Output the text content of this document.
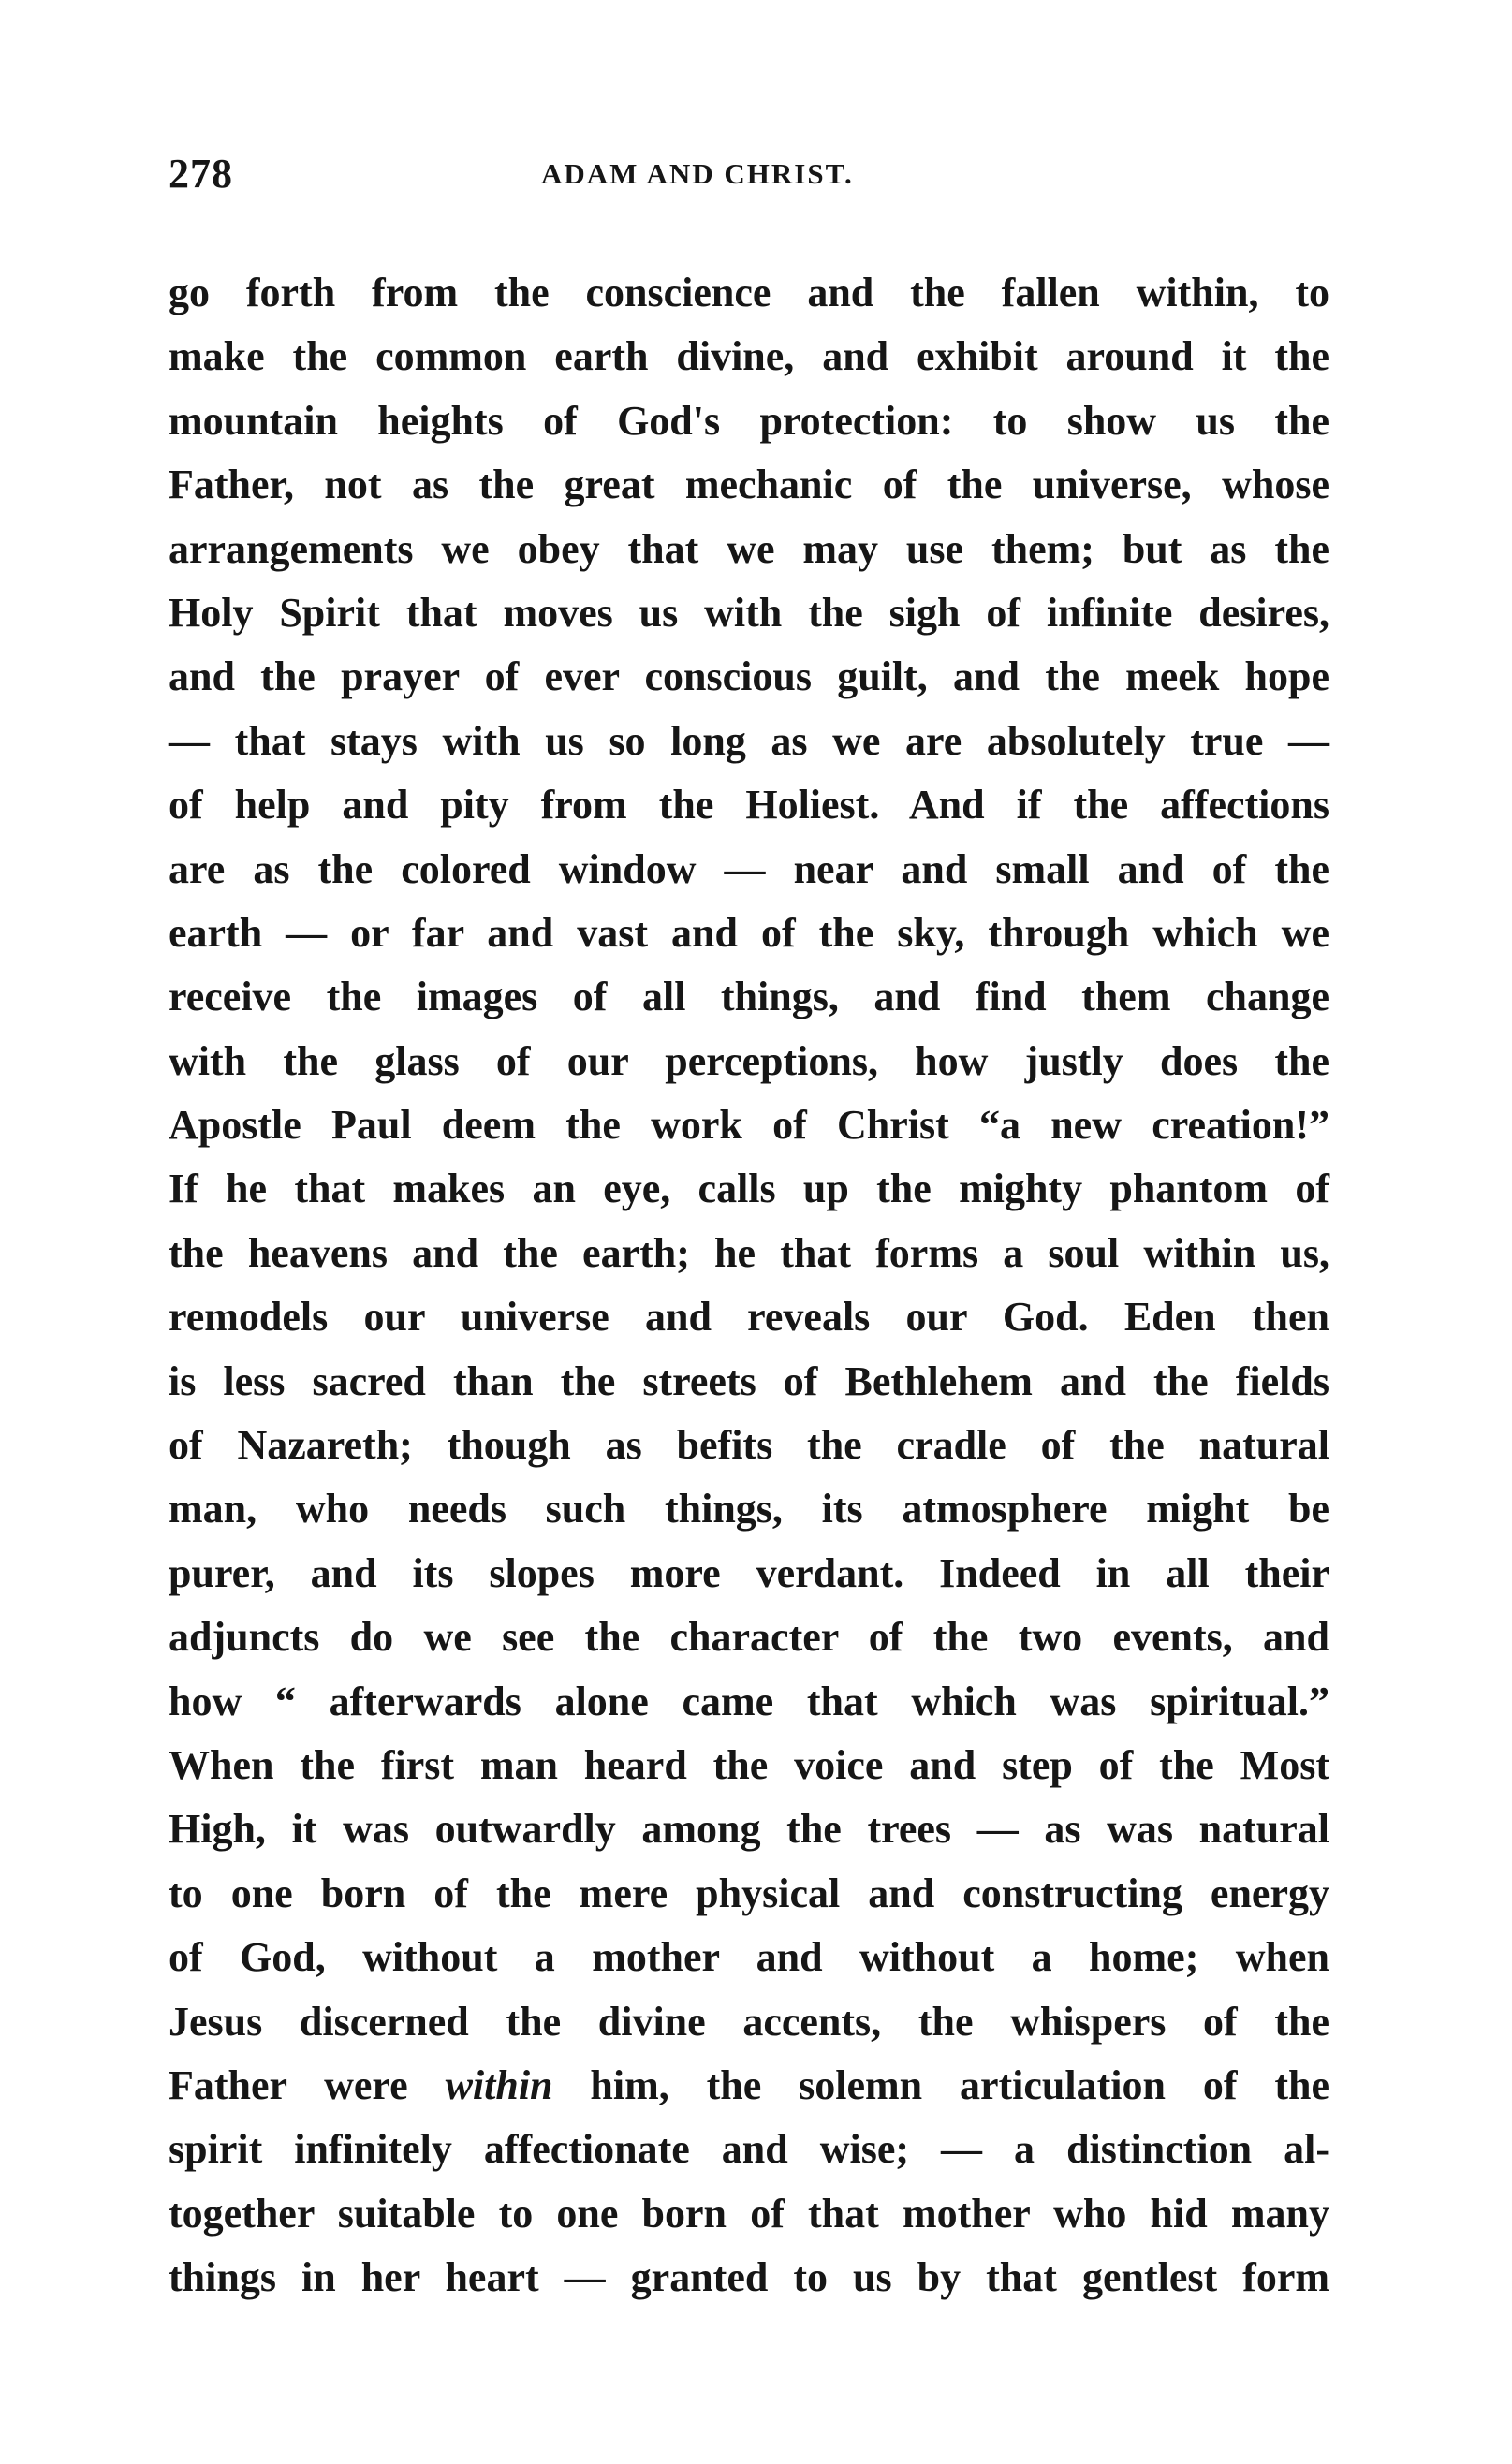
278	ADAM AND CHRIST.
go forth from the conscience and the fallen within, to
make the common earth divine, and exhibit around it the
mountain heights of God's protection: to show us the
Father, not as the great mechanic of the universe, whose
arrangements we obey that we may use them; but as the
Holy Spirit that moves us with the sigh of infinite desires,
and the prayer of ever conscious guilt, and the meek hope
— that stays with us so long as we are absolutely true —
of help and pity from the Holiest. And if the affections
are as the colored window — near and small and of the
earth — or far and vast and of the sky, through which we
receive the images of all things, and find them change
with the glass of our perceptions, how justly does the
Apostle Paul deem the work of Christ “a new creation!”
If he that makes an eye, calls up the mighty phantom of
the heavens and the earth; he that forms a soul within us,
remodels our universe and reveals our God. Eden then
is less sacred than the streets of Bethlehem and the fields
of Nazareth; though as befits the cradle of the natural
man, who needs such things, its atmosphere might be
purer, and its slopes more verdant. Indeed in all their
adjuncts do we see the character of the two events, and
how “ afterwards alone came that which was spiritual.”
When the first man heard the voice and step of the Most
High, it was outwardly among the trees — as was natural
to one born of the mere physical and constructing energy
of God, without a mother and without a home; when
Jesus discerned the divine accents, the whispers of the
Father were within him, the solemn articulation of the
spirit infinitely affectionate and wise; — a distinction al-
together suitable to one born of that mother who hid many
things in her heart — granted to us by that gentlest form
